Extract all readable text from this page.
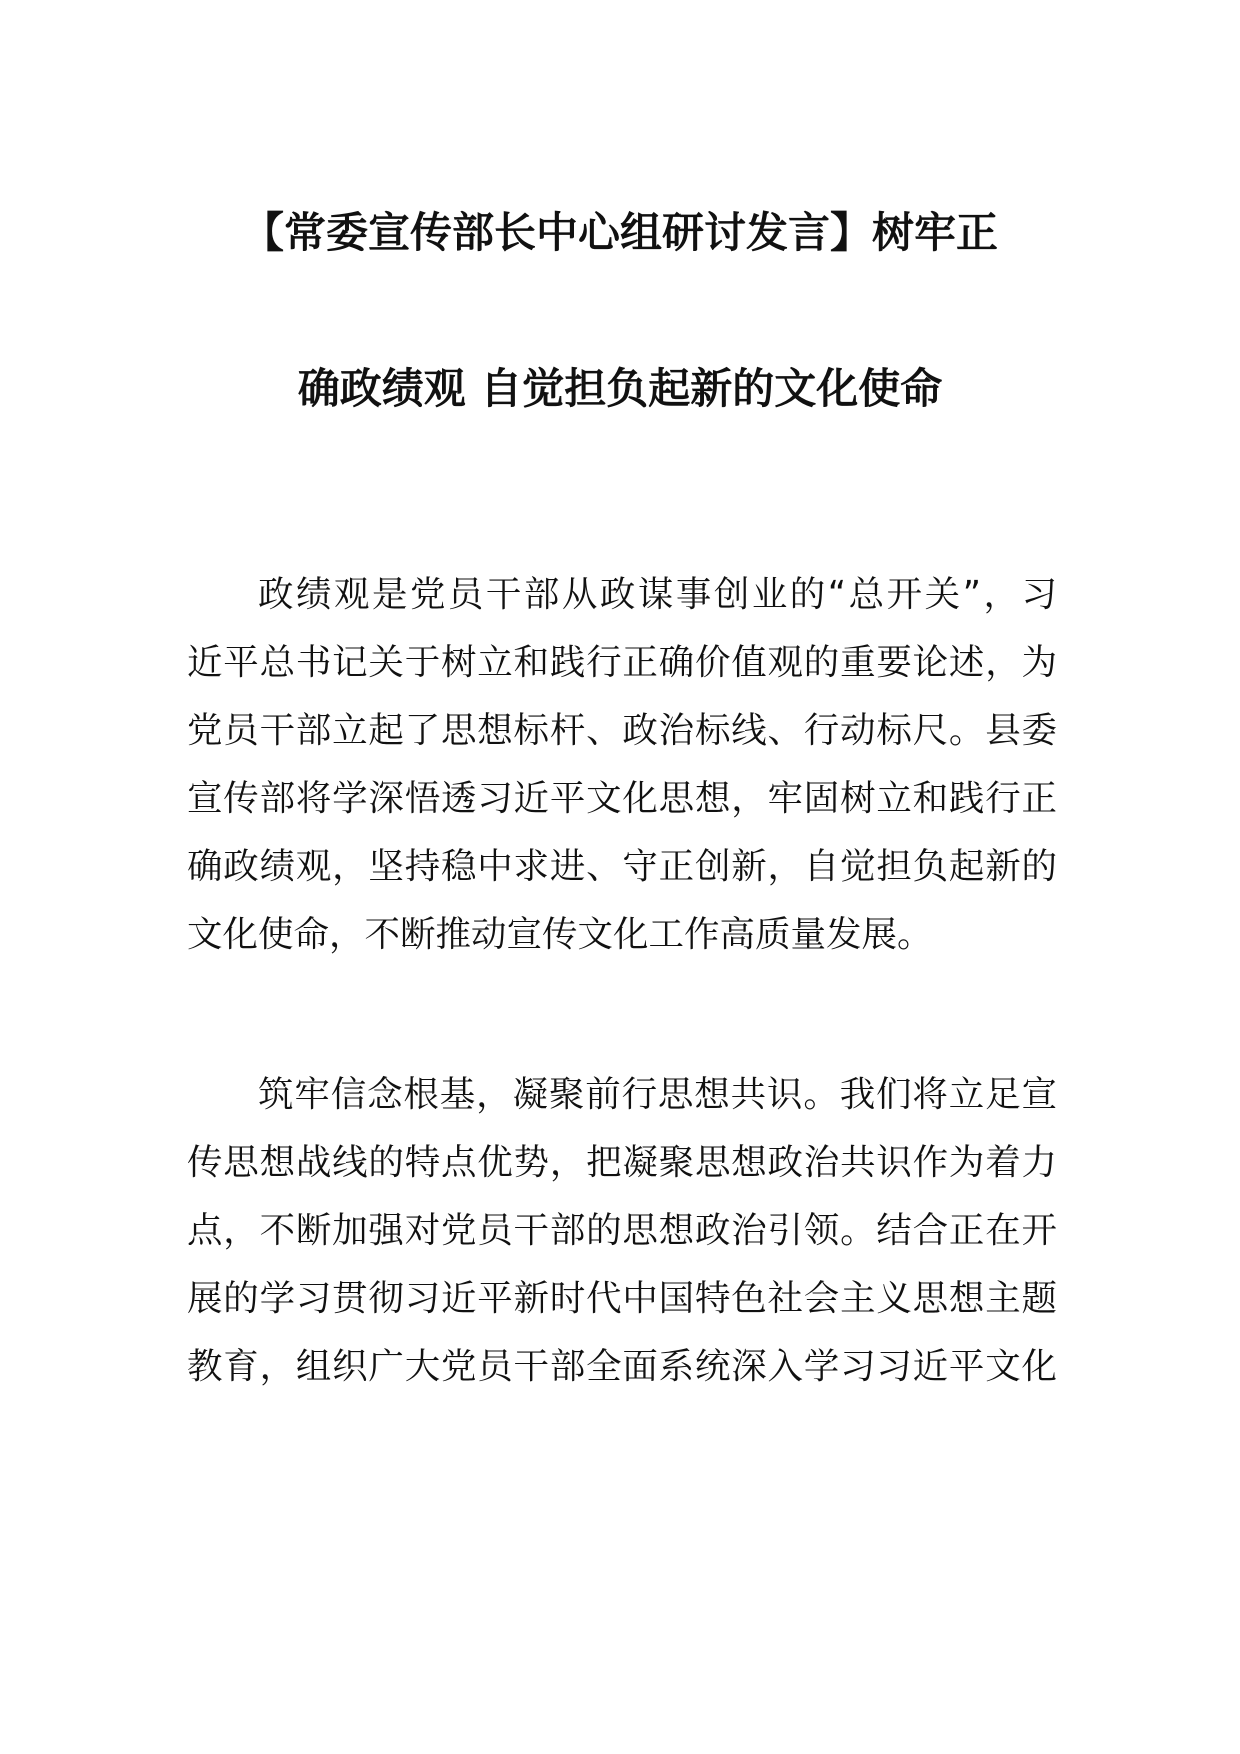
【常委宣传部长中心组研讨发言】树牢正
确政绩观 自觉担负起新的文化使命
政绩观是党员干部从政谋事创业的“总开关”，习
近平总书记关于树立和践行正确价值观的重要论述，为
党员干部立起了思想标杆、政治标线、行动标尺。县委
宣传部将学深悟透习近平文化思想，牢固树立和践行正
确政绩观，坚持稳中求进、守正创新，自觉担负起新的
文化使命，不断推动宣传文化工作高质量发展。
筑牢信念根基，凝聚前行思想共识。我们将立足宣
传思想战线的特点优势，把凝聚思想政治共识作为着力
点，不断加强对党员干部的思想政治引领。结合正在开
展的学习贯彻习近平新时代中国特色社会主义思想主题
教育，组织广大党员干部全面系统深入学习习近平文化
